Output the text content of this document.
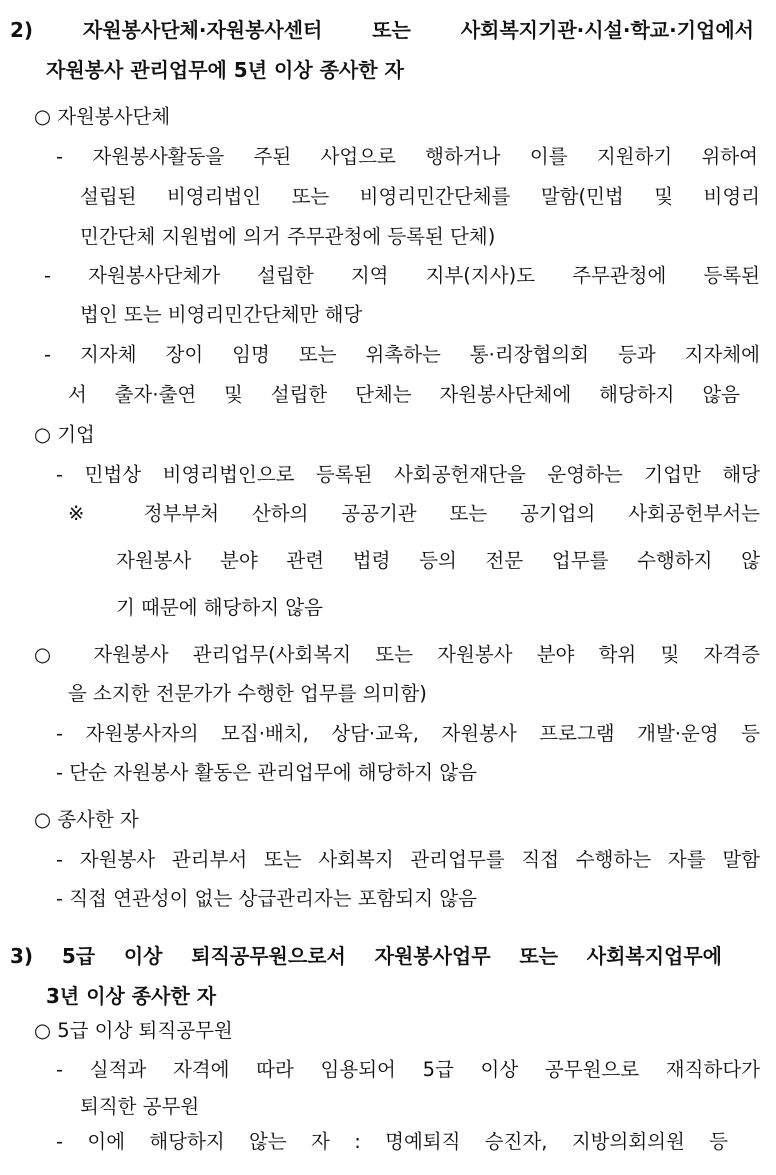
2) 자원봉사단체·자원봉사센터 또는 사회복지기관·시설·학교·기업에서
자원봉사 관리업무에 5년 이상 종사한 자
○ 자원봉사단체
- 자원봉사활동을 주된 사업으로 행하거나 이를 지원하기 위하여
설립된 비영리법인 또는 비영리민간단체를 말함(민법 및 비영리
민간단체 지원법에 의거 주무관청에 등록된 단체)
- 자원봉사단체가 설립한 지역 지부(지사)도 주무관청에 등록된
법인 또는 비영리민간단체만 해당
- 지자체 장이 임명 또는 위촉하는 통·리장협의회 등과 지자체에
서 출자·출연 및 설립한 단체는 자원봉사단체에 해당하지 않음
○ 기업
- 민법상 비영리법인으로 등록된 사회공헌재단을 운영하는 기업만 해당
※ 정부부처 산하의 공공기관 또는 공기업의 사회공헌부서는
자원봉사 분야 관련 법령 등의 전문 업무를 수행하지 않
기 때문에 해당하지 않음
○ 자원봉사 관리업무(사회복지 또는 자원봉사 분야 학위 및 자격증
을 소지한 전문가가 수행한 업무를 의미함)
- 자원봉사자의 모집·배치, 상담·교육, 자원봉사 프로그램 개발·운영 등
- 단순 자원봉사 활동은 관리업무에 해당하지 않음
○ 종사한 자
- 자원봉사 관리부서 또는 사회복지 관리업무를 직접 수행하는 자를 말함
- 직접 연관성이 없는 상급관리자는 포함되지 않음
3) 5급 이상 퇴직공무원으로서 자원봉사업무 또는 사회복지업무에
3년 이상 종사한 자
○ 5급 이상 퇴직공무원
- 실적과 자격에 따라 임용되어 5급 이상 공무원으로 재직하다가
퇴직한 공무원
- 이에 해당하지 않는 자 : 명예퇴직 승진자, 지방의회의원 등
